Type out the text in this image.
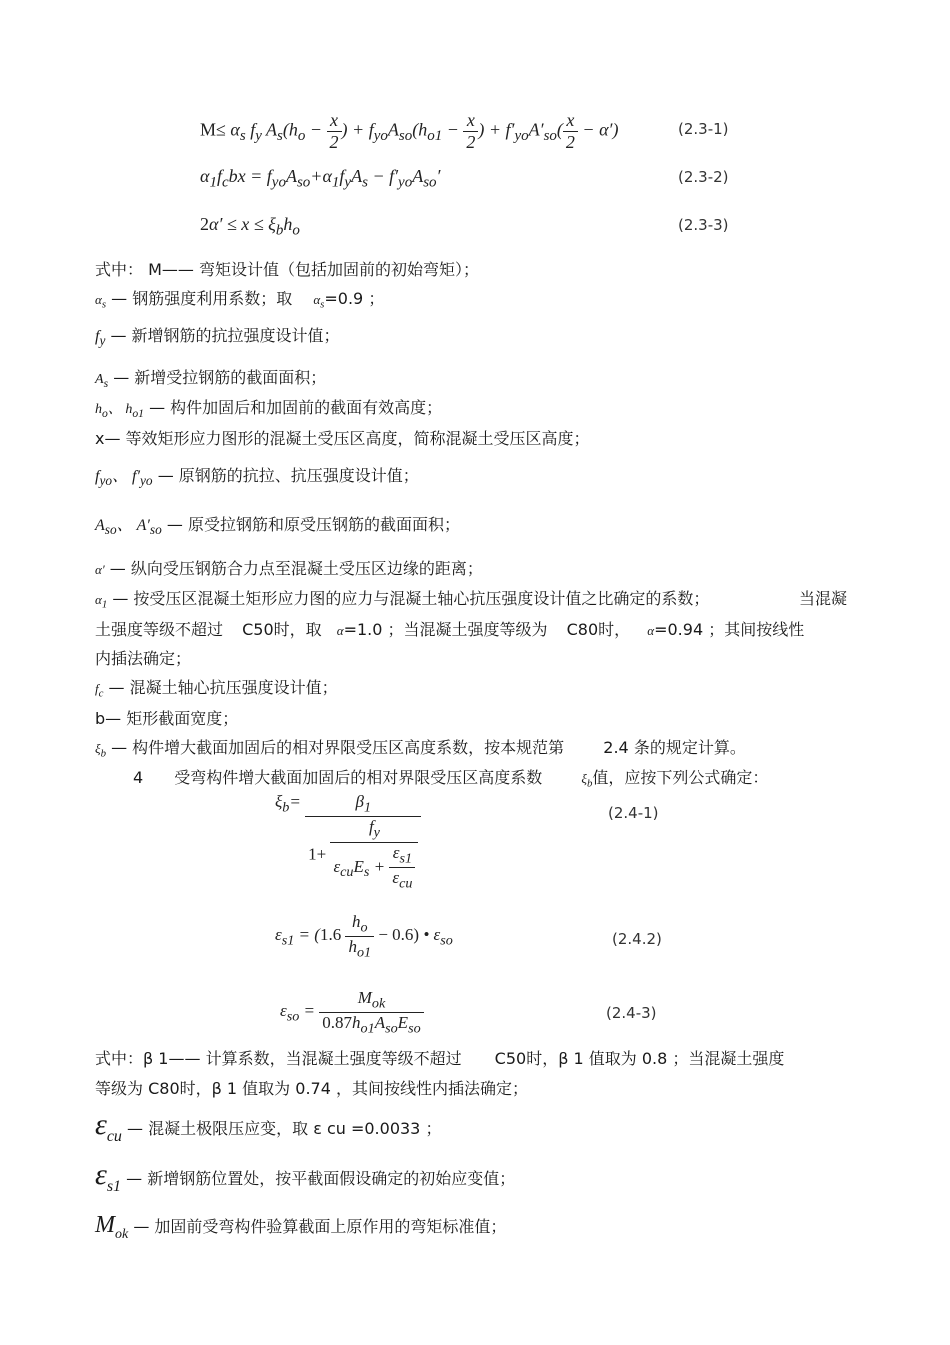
$M\le \alpha_s$ $f_y$ $A_s(h_o - \frac{x}{2}$ ) + $f_{yo}A_{so}(h_{o1} - \frac{x}{2}$ ) + $f'_{yo}A'_{so}( \frac{x}{2} - \alpha')$	(2.3-1)
$\alpha_1f_cbx = f_{yo}A_{so}+\alpha_1f_yA_s - f'_{yo}A_{so}'$	(2.3-2)
$2\alpha' \le x \le \xi_bh_o$	(2.3-3)
式中： M—— 弯矩设计值（包括加固前的初始弯矩）；
$\alpha_s$ — 钢筋强度利用系数；取 $\alpha_s=0.9$ ；
$f_y$ — 新增钢筋的抗拉强度设计值；
$A_s$ — 新增受拉钢筋的截面面积；
$h_o$、 $h_{o1}$ — 构件加固后和加固前的截面有效高度；
x— 等效矩形应力图形的混凝土受压区高度，简称混凝土受压区高度；
$f_{yo}$、 $f'_{yo}$ — 原钢筋的抗拉、抗压强度设计值；
$A_{so}$、 $A'_{so}$ — 原受拉钢筋和原受压钢筋的截面面积；
α′ — 纵向受压钢筋合力点至混凝土受压区边缘的距离；
$\alpha_1$ — 按受压区混凝土矩形应力图的应力与混凝土轴心抗压强度设计值之比确定的系数；	当混凝
土强度等级不超过 C50时，取 α=1.0 ；当混凝土强度等级为 C80时， α=0.94 ；其间按线性
内插法确定；
$f_c$ — 混凝土轴心抗压强度设计值；
b— 矩形截面宽度；
$\xi_b$ — 构件增大截面加固后的相对界限受压区高度系数，按本规范第 2.4 条的规定计算。
4 受弯构件增大截面加固后的相对界限受压区高度系数	$\xi_b$值，应按下列公式确定：
$\xi_b= \frac{\beta_1}{1+ \frac{f_y}{\varepsilon_{cu}E_s + \frac{\varepsilon_{s1}}{\varepsilon_{cu}}}}$	(2.4-1)
$\varepsilon_{s1} = (1.6 \frac{h_o}{h_{o1}} - 0.6)$ • $\varepsilon_{so}$	(2.4.2)
$\varepsilon_{so} = \frac{M_{ok}}{0.87h_{o1}A_{so}E_{so}}$	(2.4-3)
式中：β 1—— 计算系数，当混凝土强度等级不超过 C50时，β 1 值取为 0.8 ；当混凝土强度
等级为 C80时，β 1 值取为 0.74 ，其间按线性内插法确定；
$\varepsilon_{cu}$ — 混凝土极限压应变，取 ε cu =0.0033 ；
$\varepsilon_{s1}$ — 新增钢筋位置处，按平截面假设确定的初始应变值；
$M_{ok}$ — 加固前受弯构件验算截面上原作用的弯矩标准值；
